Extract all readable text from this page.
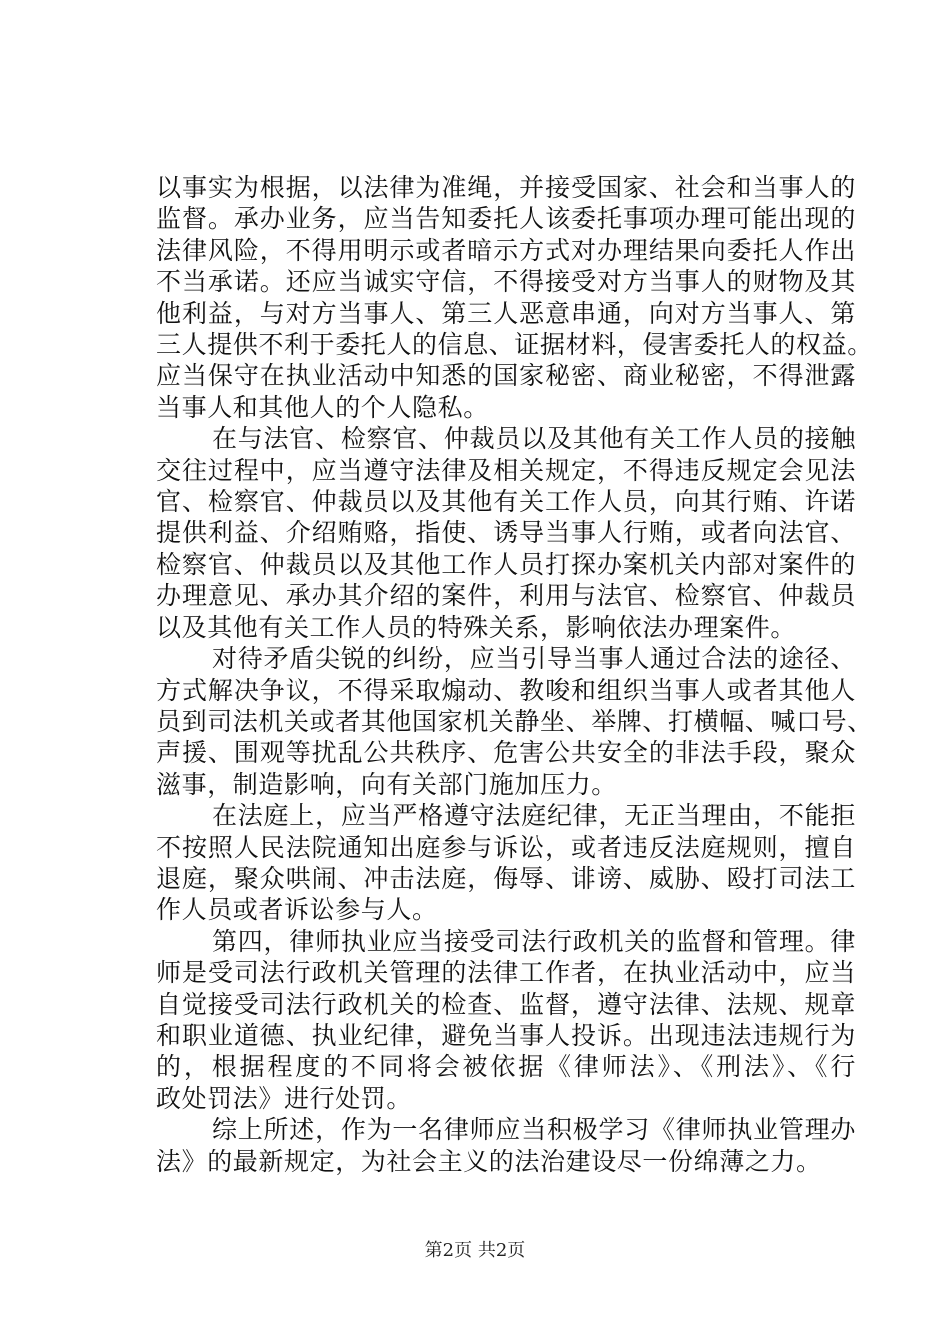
以事实为根据，以法律为准绳，并接受国家、社会和当事人的
监督。承办业务，应当告知委托人该委托事项办理可能出现的
法律风险，不得用明示或者暗示方式对办理结果向委托人作出
不当承诺。还应当诚实守信，不得接受对方当事人的财物及其
他利益，与对方当事人、第三人恶意串通，向对方当事人、第
三人提供不利于委托人的信息、证据材料，侵害委托人的权益。
应当保守在执业活动中知悉的国家秘密、商业秘密，不得泄露
当事人和其他人的个人隐私。
在与法官、检察官、仲裁员以及其他有关工作人员的接触
交往过程中，应当遵守法律及相关规定，不得违反规定会见法
官、检察官、仲裁员以及其他有关工作人员，向其行贿、许诺
提供利益、介绍贿赂，指使、诱导当事人行贿，或者向法官、
检察官、仲裁员以及其他工作人员打探办案机关内部对案件的
办理意见、承办其介绍的案件，利用与法官、检察官、仲裁员
以及其他有关工作人员的特殊关系，影响依法办理案件。
对待矛盾尖锐的纠纷，应当引导当事人通过合法的途径、
方式解决争议，不得采取煽动、教唆和组织当事人或者其他人
员到司法机关或者其他国家机关静坐、举牌、打横幅、喊口号、
声援、围观等扰乱公共秩序、危害公共安全的非法手段，聚众
滋事，制造影响，向有关部门施加压力。
在法庭上，应当严格遵守法庭纪律，无正当理由，不能拒
不按照人民法院通知出庭参与诉讼，或者违反法庭规则，擅自
退庭，聚众哄闹、冲击法庭，侮辱、诽谤、威胁、殴打司法工
作人员或者诉讼参与人。
第四，律师执业应当接受司法行政机关的监督和管理。律
师是受司法行政机关管理的法律工作者，在执业活动中，应当
自觉接受司法行政机关的检查、监督，遵守法律、法规、规章
和职业道德、执业纪律，避免当事人投诉。出现违法违规行为
的，根据程度的不同将会被依据《律师法》、《刑法》、《行
政处罚法》进行处罚。
综上所述，作为一名律师应当积极学习《律师执业管理办
法》的最新规定，为社会主义的法治建设尽一份绵薄之力。
第2页 共2页
